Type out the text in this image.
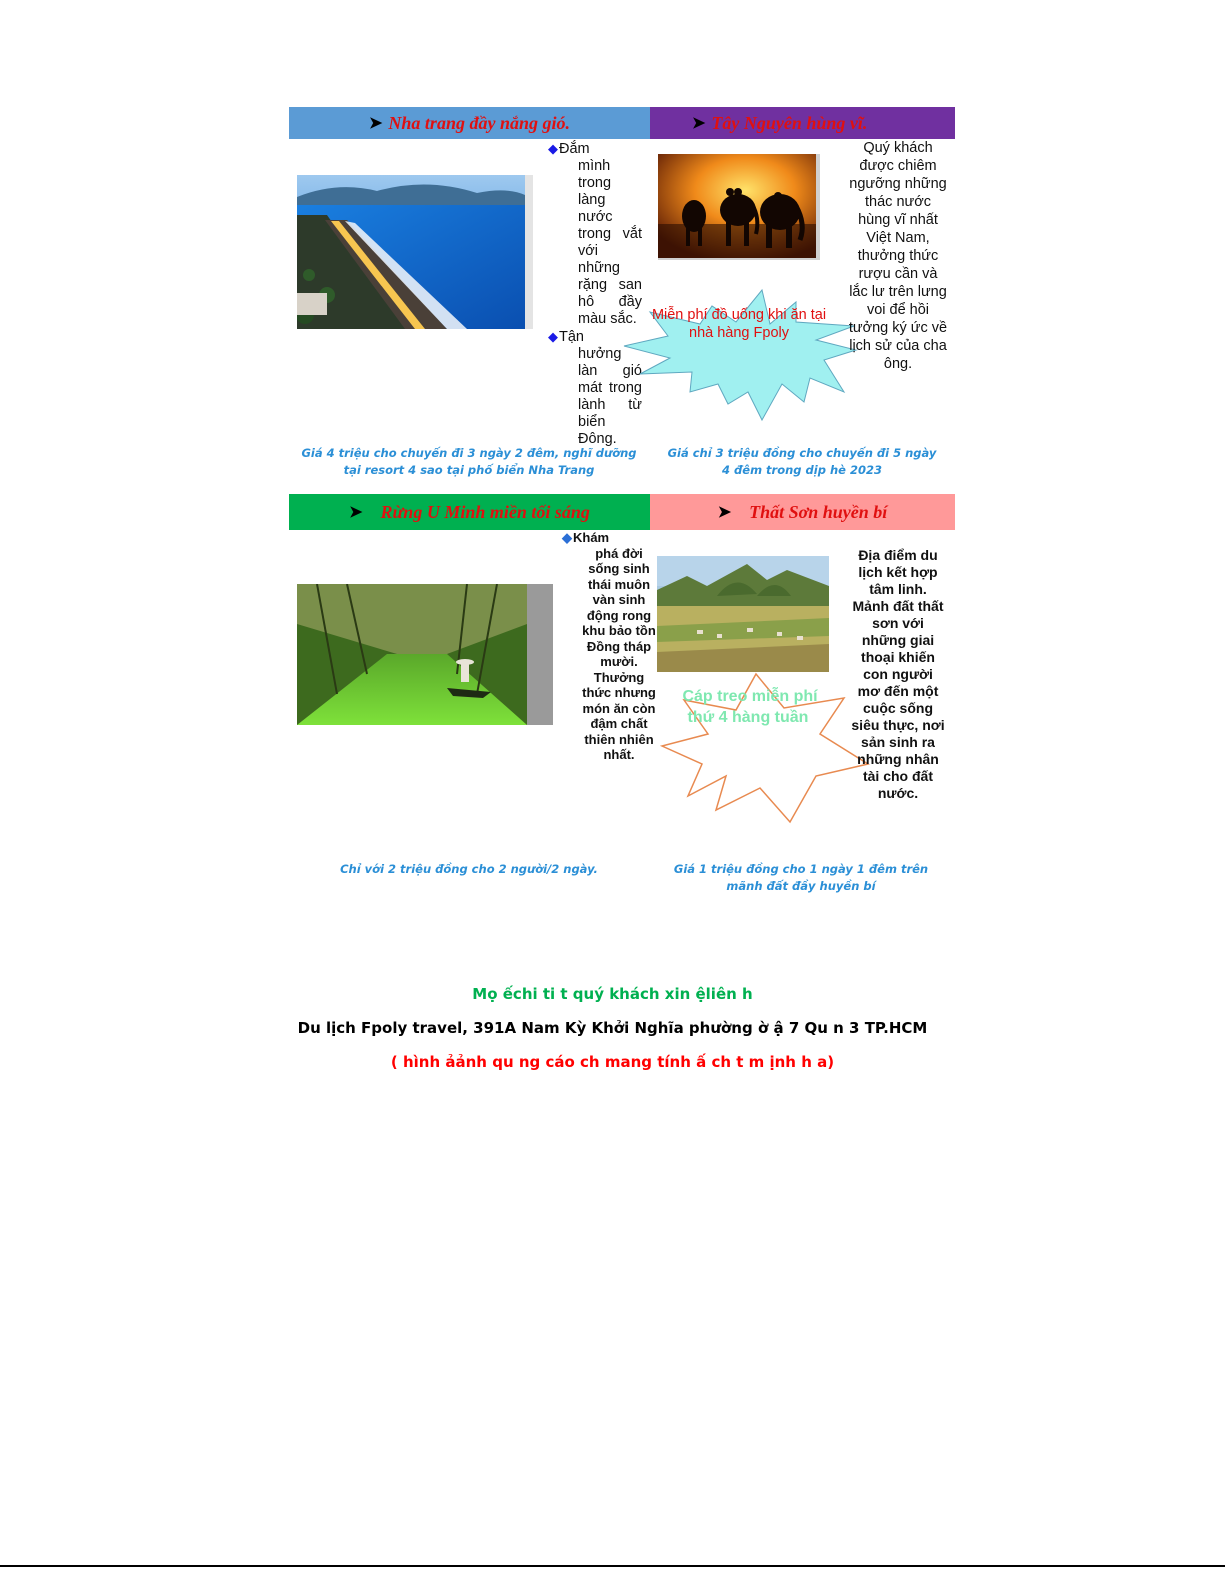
➤ Nha trang đầy nắng gió.	➤ Tây Nguyên hùng vĩ.
➤ Rừng U Minh miền tối sáng	➤ Thất Sơn huyền bí
◆Đắm
mình trong làng nước trong vắt với những rặng san hô đầy màu sắc.
◆Tận
hưởng làn gió mát trong lành từ biển Đông.
Giá 4 triệu cho chuyến đi 3 ngày 2 đêm, nghĩ dưỡng tại resort 4 sao tại phố biển Nha Trang
Miễn phí đồ uống khi ăn tại
nhà hàng Fpoly
Quý khách được chiêm ngưỡng những thác nước hùng vĩ nhất Việt Nam, thưởng thức rượu cần và lắc lư trên lưng voi để hồi tưởng ký ức về lịch sử của cha ông.
Giá chỉ 3 triệu đồng cho chuyến đi 5 ngày 4 đêm trong dịp hè 2023
◆Khám
phá đời sống sinh thái muôn vàn sinh động rong khu bảo tồn Đồng tháp mười. Thưởng thức nhưng món ăn còn đậm chất thiên nhiên nhất.
Chỉ với 2 triệu đồng cho 2 người/2 ngày.
Cáp treo miễn phí
thứ 4 hàng tuần
Địa điểm du lịch kết hợp tâm linh. Mảnh đất thất sơn với những giai thoại khiến con người mơ đến một cuộc sống siêu thực, nơi sản sinh ra những nhân tài cho đất nước.
Giá 1 triệu đồng cho 1 ngày 1 đêm trên mãnh đất đầy huyền bí
Mọ ếchi ti t quý khách xin ệliên h
Du lịch Fpoly travel, 391A Nam Kỳ Khởi Nghĩa phường ờ ậ 7 Qu n 3 TP.HCM
( hình ảảnh qu ng cáo ch mang tính ấ ch t m ịnh h a)
